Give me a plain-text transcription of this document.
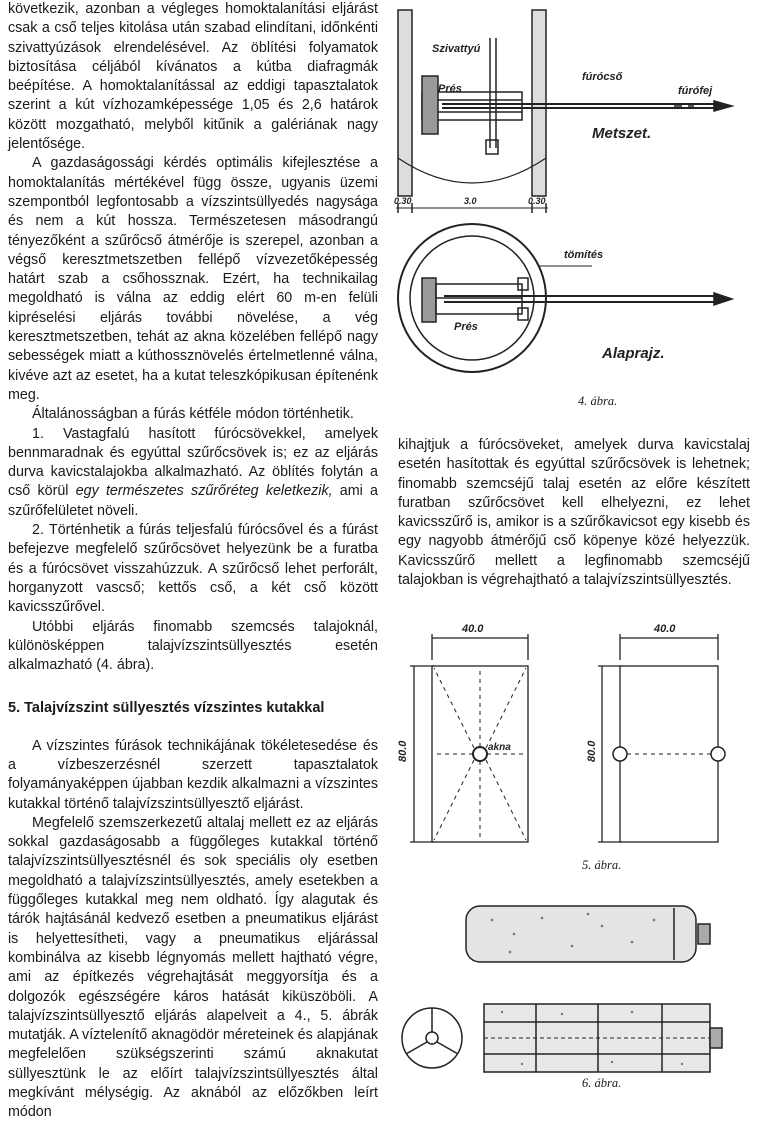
következik, azonban a végleges homoktalanítási eljárást csak a cső teljes kitolása után szabad elindítani, időnkénti szivattyúzások elrendelésével. Az öblítési folyamatok biztosítása céljából kívánatos a kútba diafragmák beépítése. A homoktalanítással az eddigi tapasztalatok szerint a kút vízhozamképessége 1,05 és 2,6 határok között mozgatható, melyből kitűnik a galériának nagy jelentősége.

A gazdaságossági kérdés optimális kifejlesztése a homoktalanítás mértékével függ össze, ugyanis üzemi szempontból legfontosabb a vízszintsüllyedés nagysága és nem a kút hossza. Természetesen másodrangú tényezőként a szűrőcső átmérője is szerepel, azonban a végső keresztmetszetben fellépő vízvezetőképesség határt szab a csőhossznak. Ezért, ha technikailag megoldható is válna az eddig elért 60 m-en felüli kipréselési eljárás további növelése, a vég keresztmetszetben, tehát az akna közelében fellépő nagy sebességek miatt a kúthossznövelés értelmetlenné válna, kivéve azt az esetet, ha a kutat teleszkópikusan építenénk meg.

Általánosságban a fúrás kétféle módon történhetik.

1. Vastagfalú hasított fúrócsövekkel, amelyek bennmaradnak és egyúttal szűrőcsövek is; ez az eljárás durva kavicstalajokba alkalmazható. Az öblítés folytán a cső körül egy természetes szűrőréteg keletkezik, ami a szűrőfelületet növeli.

2. Történhetik a fúrás teljesfalú fúrócsővel és a fúrást befejezve megfelelő szűrőcsövet helyezünk be a furatba és a fúrócsövet visszahúzzuk. A szűrőcső lehet perforált, horganyzott vascső; kettős cső, a két cső között kavicsszűrővel.

Utóbbi eljárás finomabb szemcsés talajoknál, különösképpen talajvízszintsüllyesztés esetén alkalmazható (4. ábra).

5. Talajvízszint süllyesztés vízszintes kutakkal

A vízszintes fúrások technikájának tökéletesedése és a vízbeszerzésnél szerzett tapasztalatok folyamányaképpen újabban kezdik alkalmazni a vízszintes kutakkal történő talajvízszintsüllyesztő eljárást.

Megfelelő szemszerkezetű altalaj mellett ez az eljárás sokkal gazdaságosabb a függőleges kutakkal történő talajvízszintsüllyesztésnél és sok speciális oly esetben megoldható a talajvízszintsüllyesztés, amely esetekben a függőleges kutakkal meg nem oldható. Így alagutak és tárók hajtásánál kedvező esetben a pneumatikus eljárást is helyettesítheti, vagy a pneumatikus eljárással kombinálva az kisebb légnyomás mellett hajtható végre, ami az építkezés végrehajtását meggyorsítja és a dolgozók egészségére káros hatását kiküszöböli. A talajvízszintsüllyesztő eljárás alapelveit a 4., 5. ábrák mutatják. A víztelenítő aknagödör méreteinek és alapjának megfelelően szükségszerinti számú aknakutat süllyesztünk le az előírt talajvízszintsüllyesztés által megkívánt mélységig. Az aknából az előzőkben leírt módon

kihajtjuk a fúrócsöveket, amelyek durva kavicstalaj esetén hasítottak és egyúttal szűrőcsövek is lehetnek; finomabb szemcséjű talaj esetén az előre készített furatban szűrőcsövet kell elhelyezni, ez lehet kavicsszűrő is, amikor is a szűrőkavicsot egy kisebb és egy nagyobb átmérőjű cső köpenye közé helyezzük. Kavicsszűrő mellett a legfinomabb szemcséjű talajokban is végrehajtható a talajvízszintsüllyesztés.

Szivattyú
Prés
fúrócső
fúrófej
Metszet.
0.30	3.0	0.30
tömítés
Prés
Alaprajz.
4. ábra.
40.0	40.0
80.0	80.0
akna
5. ábra.
6. ábra.
